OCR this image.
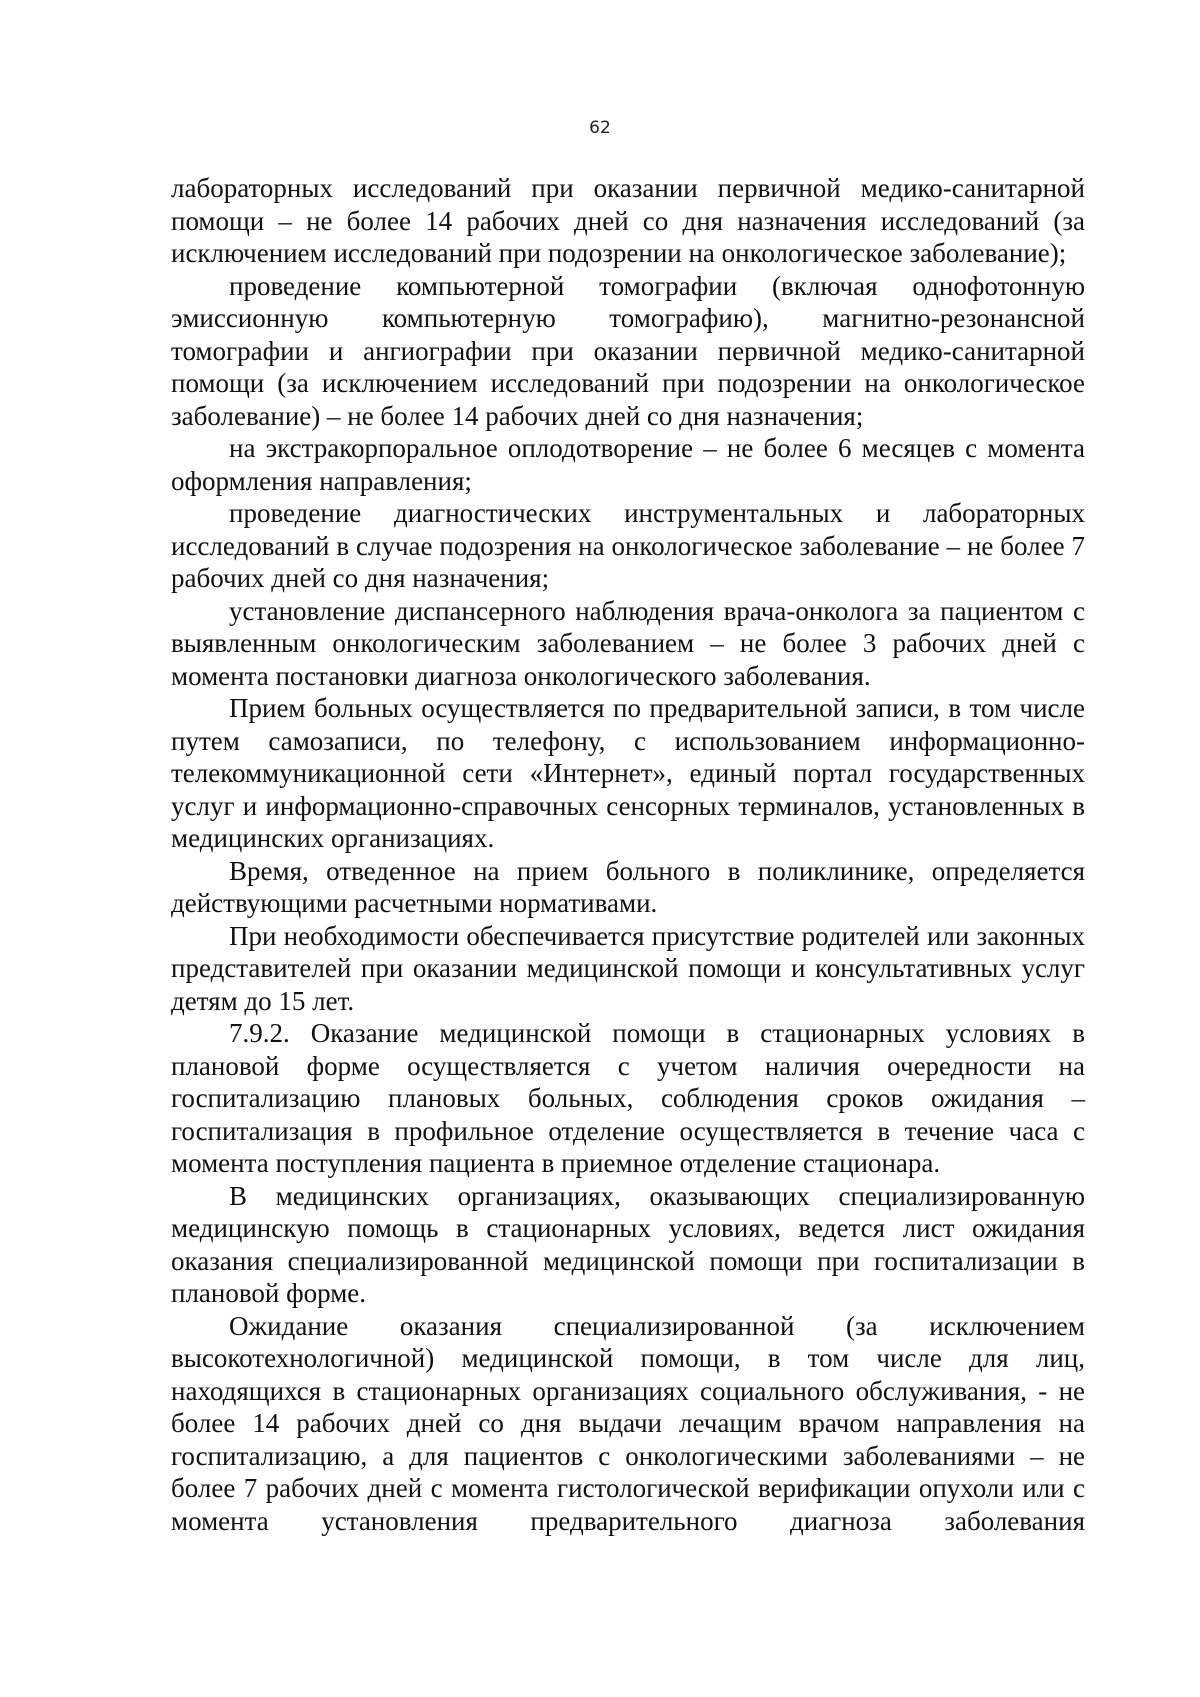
62

лабораторных исследований при оказании первичной медико-санитарной помощи – не более 14 рабочих дней со дня назначения исследований (за исключением исследований при подозрении на онкологическое заболевание);

проведение компьютерной томографии (включая однофотонную эмиссионную компьютерную томографию), магнитно-резонансной томографии и ангиографии при оказании первичной медико-санитарной помощи (за исключением исследований при подозрении на онкологическое заболевание) – не более 14 рабочих дней со дня назначения;

на экстракорпоральное оплодотворение – не более 6 месяцев с момента оформления направления;

проведение диагностических инструментальных и лабораторных исследований в случае подозрения на онкологическое заболевание – не более 7 рабочих дней со дня назначения;

установление диспансерного наблюдения врача-онколога за пациентом с выявленным онкологическим заболеванием – не более 3 рабочих дней с момента постановки диагноза онкологического заболевания.

Прием больных осуществляется по предварительной записи, в том числе путем самозаписи, по телефону, с использованием информационно-телекоммуникационной сети «Интернет», единый портал государственных услуг и информационно-справочных сенсорных терминалов, установленных в медицинских организациях.

Время, отведенное на прием больного в поликлинике, определяется действующими расчетными нормативами.

При необходимости обеспечивается присутствие родителей или законных представителей при оказании медицинской помощи и консультативных услуг детям до 15 лет.

7.9.2. Оказание медицинской помощи в стационарных условиях в плановой форме осуществляется с учетом наличия очередности на госпитализацию плановых больных, соблюдения сроков ожидания – госпитализация в профильное отделение осуществляется в течение часа с момента поступления пациента в приемное отделение стационара.

В медицинских организациях, оказывающих специализированную медицинскую помощь в стационарных условиях, ведется лист ожидания оказания специализированной медицинской помощи при госпитализации в плановой форме.

Ожидание оказания специализированной (за исключением высокотехнологичной) медицинской помощи, в том числе для лиц, находящихся в стационарных организациях социального обслуживания, - не более 14 рабочих дней со дня выдачи лечащим врачом направления на госпитализацию, а для пациентов с онкологическими заболеваниями – не более 7 рабочих дней с момента гистологической верификации опухоли или с момента установления предварительного диагноза заболевания
